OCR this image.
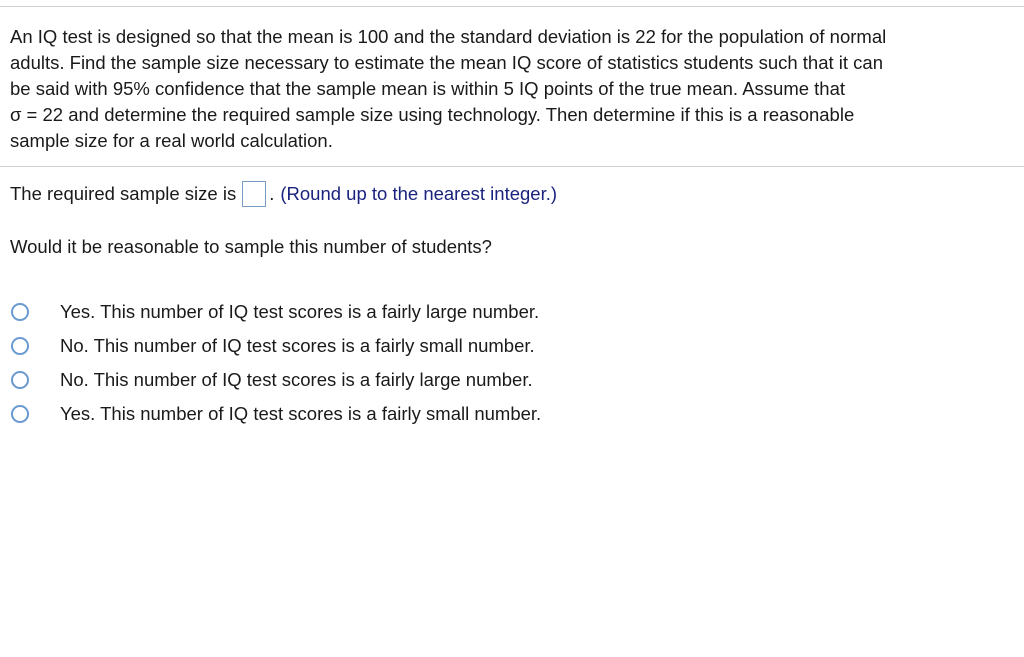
An IQ test is designed so that the mean is 100 and the standard deviation is 22 for the population of normal
adults. Find the sample size necessary to estimate the mean IQ score of statistics students such that it can
be said with 95% confidence that the sample mean is within 5 IQ points of the true mean. Assume that
σ = 22 and determine the required sample size using technology. Then determine if this is a reasonable
sample size for a real world calculation.
The required sample size is . (Round up to the nearest integer.)

Would it be reasonable to sample this number of students?

Yes. This number of IQ test scores is a fairly large number.
No. This number of IQ test scores is a fairly small number.
No. This number of IQ test scores is a fairly large number.
Yes. This number of IQ test scores is a fairly small number.
